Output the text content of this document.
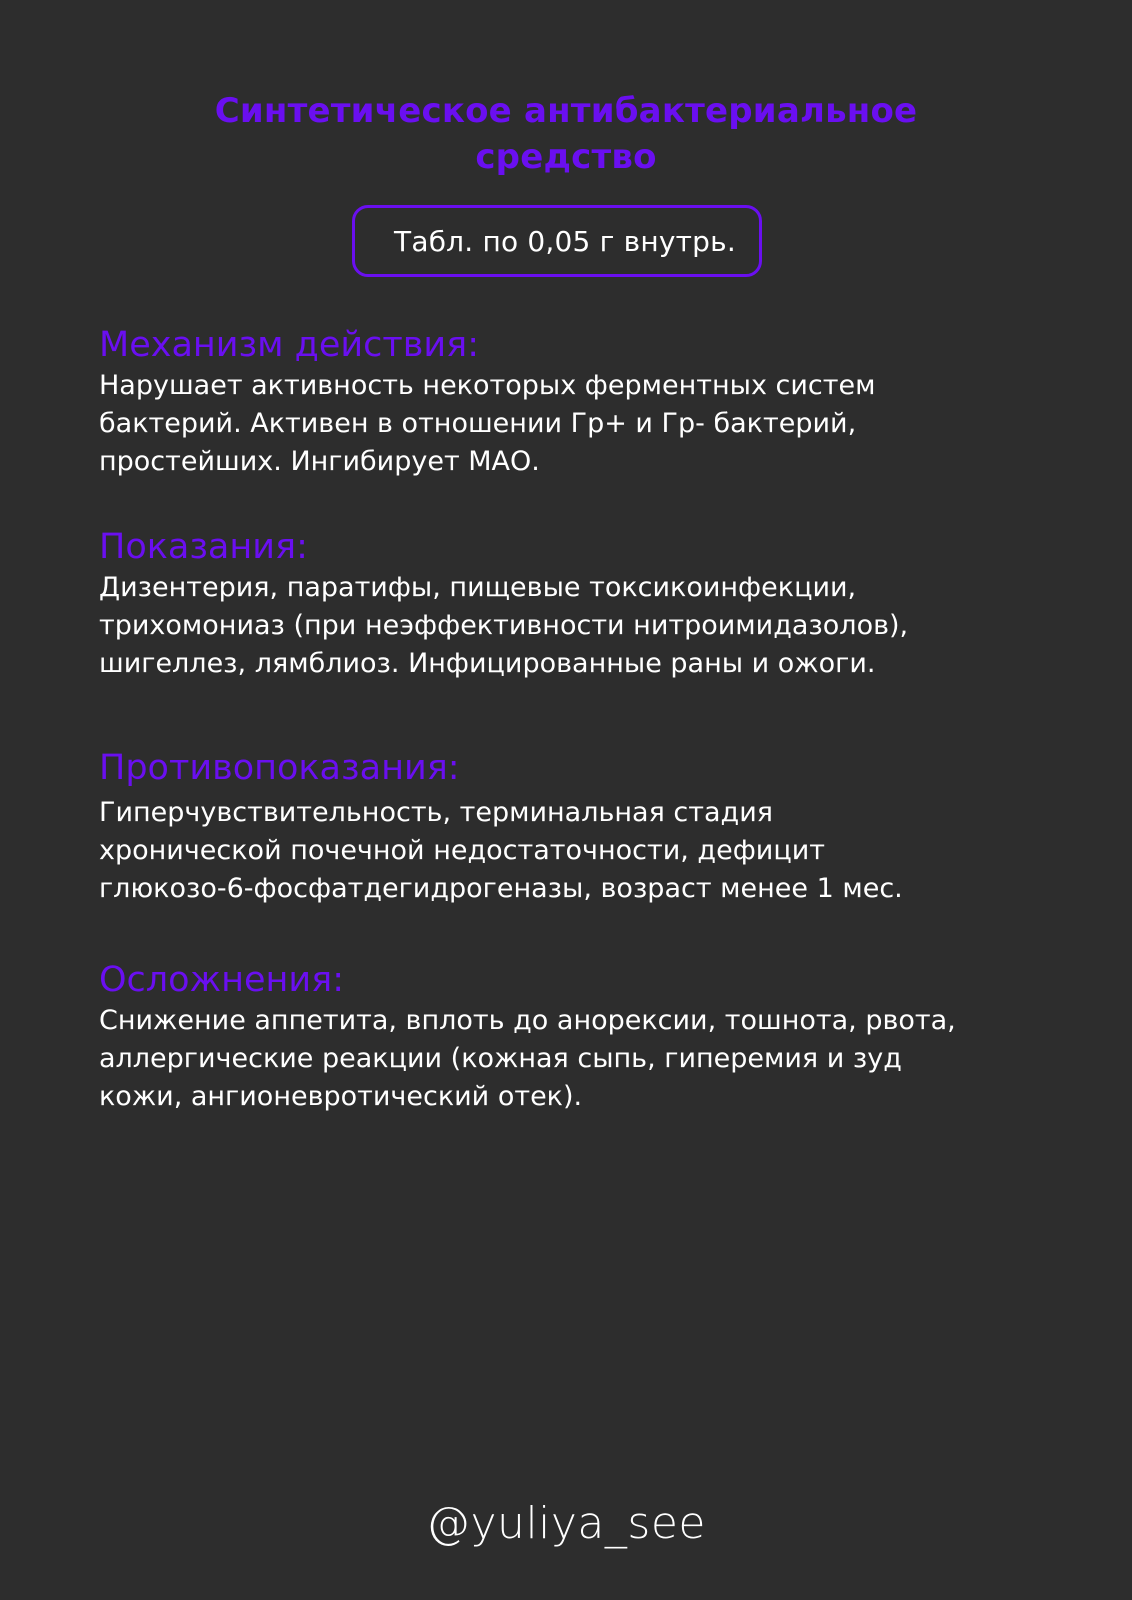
Синтетическое антибактериальное
средство
Табл. по 0,05 г внутрь.
Механизм действия:

Нарушает активность некоторых ферментных систем
бактерий. Активен в отношении Гр+ и Гр- бактерий,
простейших. Ингибирует МАО.

Показания:

Дизентерия, паратифы, пищевые токсикоинфекции,
трихомониаз (при неэффективности нитроимидазолов),
шигеллез, лямблиоз. Инфицированные раны и ожоги.

Противопоказания:

Гиперчувствительность, терминальная стадия
хронической почечной недостаточности, дефицит
глюкозо-6-фосфатдегидрогеназы, возраст менее 1 мес.

Осложнения:

Снижение аппетита, вплоть до анорексии, тошнота, рвота,
аллергические реакции (кожная сыпь, гиперемия и зуд
кожи, ангионевротический отек).

@yuliya_see
